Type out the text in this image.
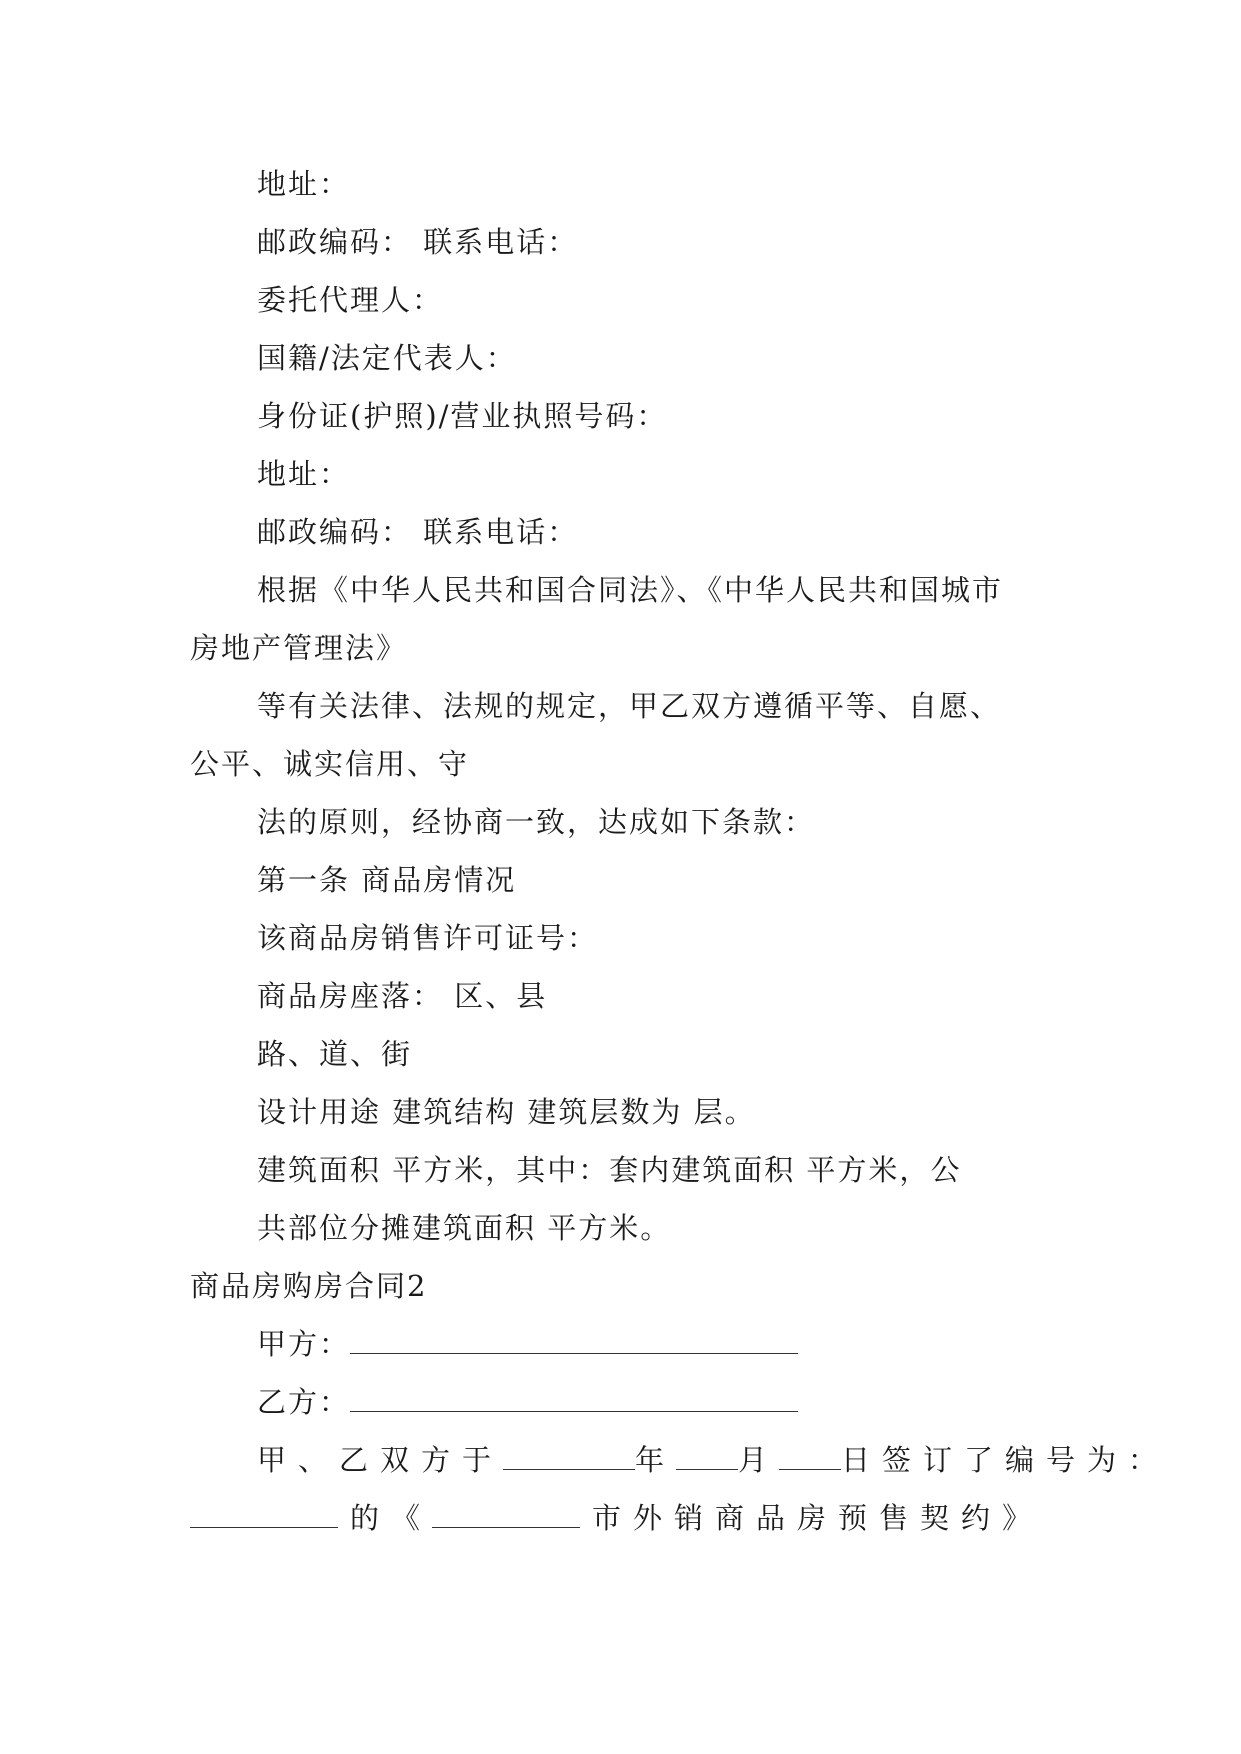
地址：
邮政编码： 联系电话：
委托代理人：
国籍/法定代表人：
身份证(护照)/营业执照号码：
地址：
邮政编码： 联系电话：
根据《中华人民共和国合同法》、《中华人民共和国城市
房地产管理法》
等有关法律、法规的规定，甲乙双方遵循平等、自愿、
公平、诚实信用、守
法的原则，经协商一致，达成如下条款：
第一条 商品房情况
该商品房销售许可证号：
商品房座落： 区、县
路、道、街
设计用途 建筑结构 建筑层数为 层。
建筑面积 平方米，其中：套内建筑面积 平方米，公
共部位分摊建筑面积 平方米。
商品房购房合同2
甲方：
乙方：
甲、乙双方于	年 月 日签订了编号为：
的《	市外销商品房预售契约》
